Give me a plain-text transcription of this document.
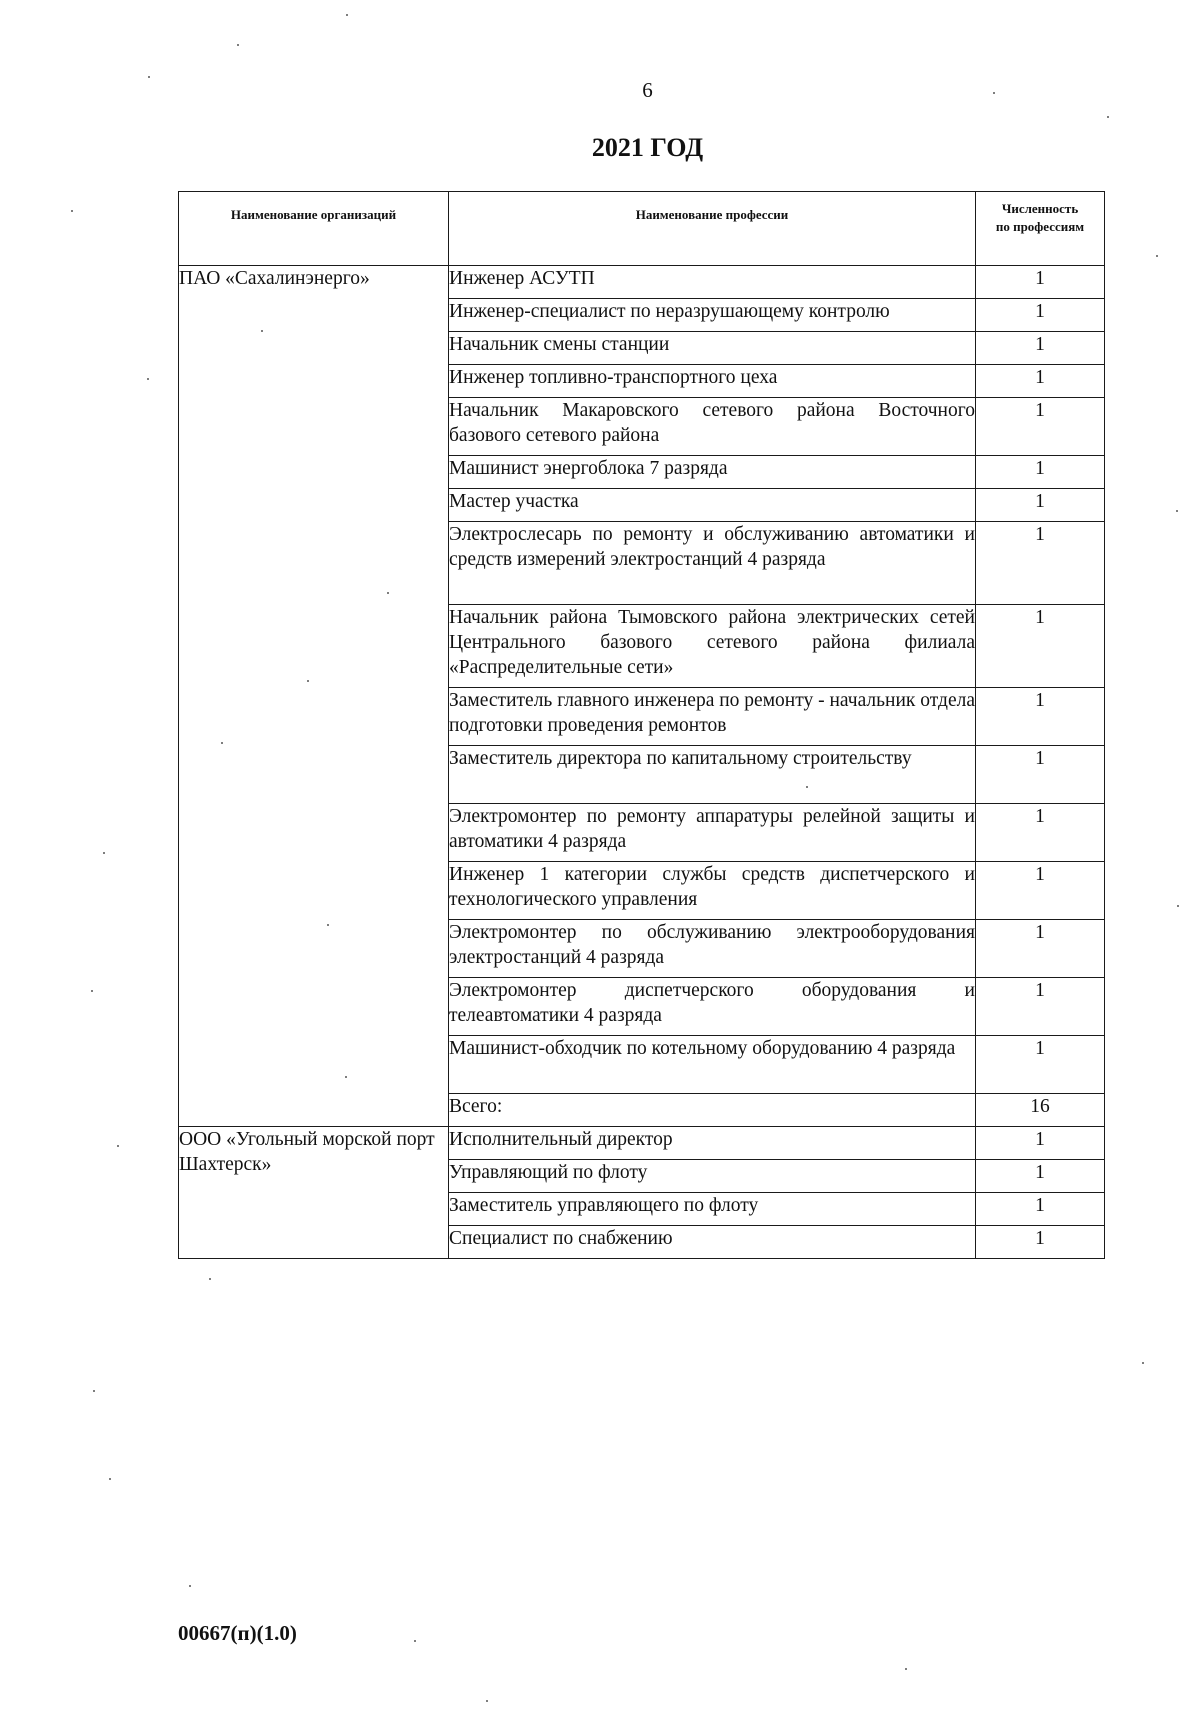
6
2021 ГОД
Наименование организаций	Наименование профессии	Численность
по профессиям
ПАО «Сахалинэнерго»	Инженер АСУТП	1
	Инженер-специалист по неразрушающему контролю	1
	Начальник смены станции	1
	Инженер топливно-транспортного цеха	1
	Начальник Макаровского сетевого района Восточного базового сетевого района	1
	Машинист энергоблока 7 разряда	1
	Мастер участка	1
	Электрослесарь по ремонту и обслуживанию автоматики и средств измерений электростанций 4 разряда	1
	Начальник района Тымовского района электрических сетей Центрального базового сетевого района филиала «Распределительные сети»	1
	Заместитель главного инженера по ремонту - начальник отдела подготовки проведения ремонтов	1
	Заместитель директора по капитальному строительству	1
	Электромонтер по ремонту аппаратуры релейной защиты и автоматики 4 разряда	1
	Инженер 1 категории службы средств диспетчерского и технологического управления	1
	Электромонтер по обслуживанию электрооборудования электростанций 4 разряда	1
	Электромонтер диспетчерского оборудования и телеавтоматики 4 разряда	1
	Машинист-обходчик по котельному оборудованию 4 разряда	1
	Всего:	16
ООО «Угольный морской порт Шахтерск»	Исполнительный директор	1
	Управляющий по флоту	1
	Заместитель управляющего по флоту	1
	Специалист по снабжению	1
00667(п)(1.0)
